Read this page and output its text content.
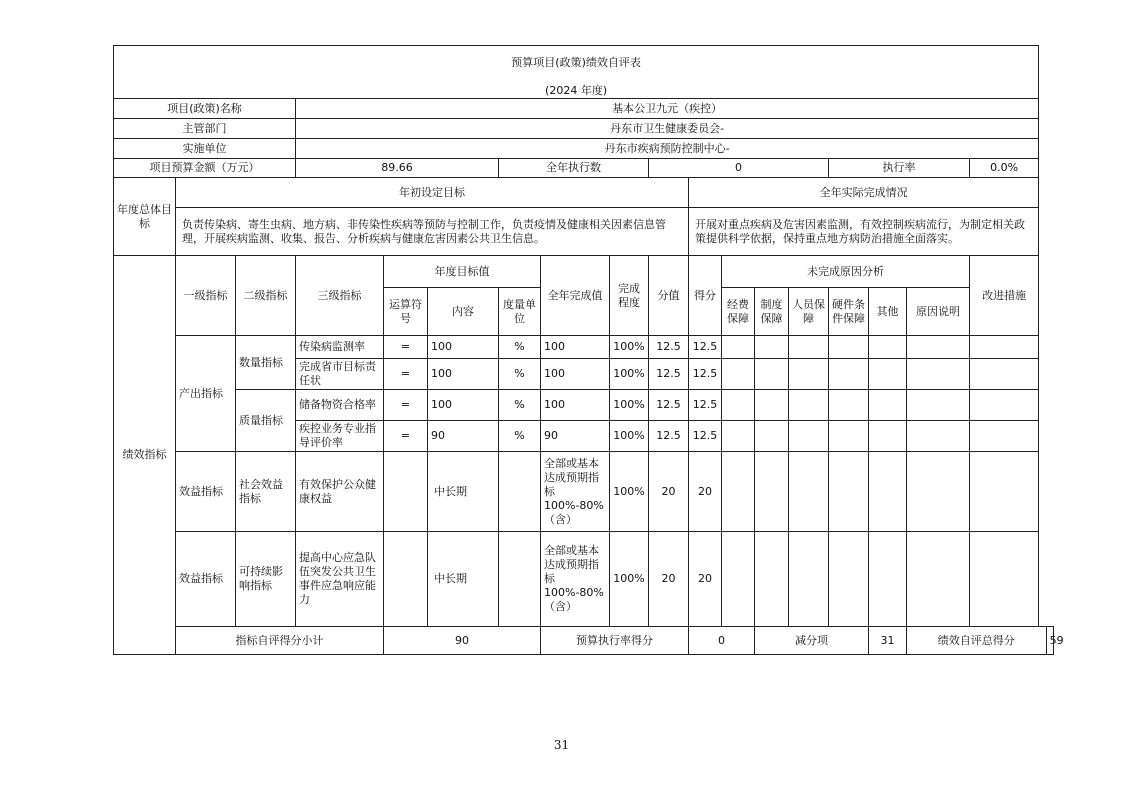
预算项目(政策)绩效自评表
(2024 年度)																		

项目(政策)名称			基本公卫九元（疾控）															
主管部门			丹东市卫生健康委员会-															
实施单位			丹东市疾病预防控制中心-															
项目预算金额（万元）			89.66			全年执行数			0					执行率			0.0%	
年度总体目标	年初设定目标									全年实际完成情况								
	负责传染病、寄生虫病、地方病、非传染性疾病等预防与控制工作，负责疫情及健康相关因素信息管理，开展疾病监测、收集、报告、分析疾病与健康危害因素公共卫生信息。									开展对重点疾病及危害因素监测，有效控制疾病流行，为制定相关政策提供科学依据，保持重点地方病防治措施全面落实。								
绩效指标	一级指标	二级指标	三级指标	年度目标值			全年完成值	完成程度	分值	得分	未完成原因分析						改进措施	
				运算符号	内容	度量单位					经费保障	制度保障	人员保障	硬件条件保障	其他	原因说明		
	产出指标	数量指标	传染病监测率	=	100	%	100	100%	12.5	12.5								
			完成省市目标责任状	=	100	%	100	100%	12.5	12.5								
		质量指标	储备物资合格率	=	100	%	100	100%	12.5	12.5								
			疾控业务专业指导评价率	=	90	%	90	100%	12.5	12.5								
	效益指标	社会效益指标	有效保护公众健康权益		中长期		全部或基本达成预期指标100%-80%（含）	100%	20	20								
	效益指标	可持续影响指标	提高中心应急队伍突发公共卫生事件应急响应能力		中长期		全部或基本达成预期指标100%-80%（含）	100%	20	20								
	指标自评得分小计			90			预算执行率得分			0		减分项			31	绩效自评总得分		59
31
